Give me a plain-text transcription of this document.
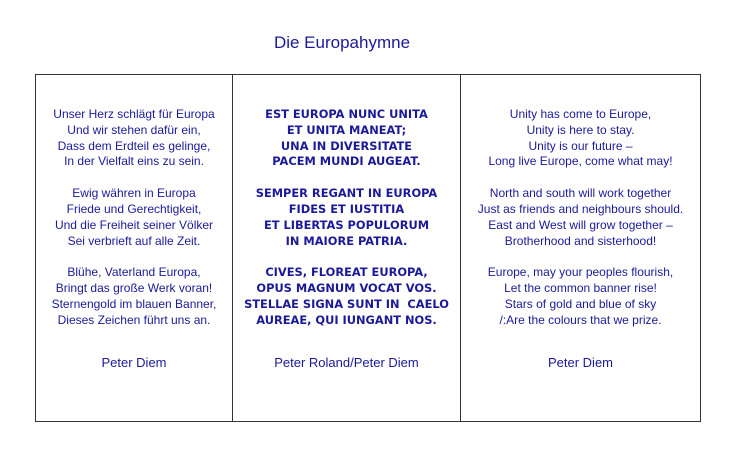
Die Europahymne
Unser Herz schlägt für Europa
Und wir stehen dafür ein,
Dass dem Erdteil es gelinge,
In der Vielfalt eins zu sein.
Ewig währen in Europa
Friede und Gerechtigkeit,
Und die Freiheit seiner Völker
Sei verbrieft auf alle Zeit.
Blühe, Vaterland Europa,
Bringt das große Werk voran!
Sternengold im blauen Banner,
Dieses Zeichen führt uns an.
Peter Diem
EST EUROPA NUNC UNITA
ET UNITA MANEAT;
UNA IN DIVERSITATE
PACEM MUNDI AUGEAT.
SEMPER REGANT IN EUROPA
FIDES ET IUSTITIA
ET LIBERTAS POPULORUM
IN MAIORE PATRIA.
CIVES, FLOREAT EUROPA,
OPUS MAGNUM VOCAT VOS.
STELLAE SIGNA SUNT IN  CAELO
AUREAE, QUI IUNGANT NOS.
Peter Roland/Peter Diem
Unity has come to Europe,
Unity is here to stay.
Unity is our future –
Long live Europe, come what may!
North and south will work together
Just as friends and neighbours should.
East and West will grow together –
Brotherhood and sisterhood!
Europe, may your peoples flourish,
Let the common banner rise!
Stars of gold and blue of sky
/:Are the colours that we prize.
Peter Diem
